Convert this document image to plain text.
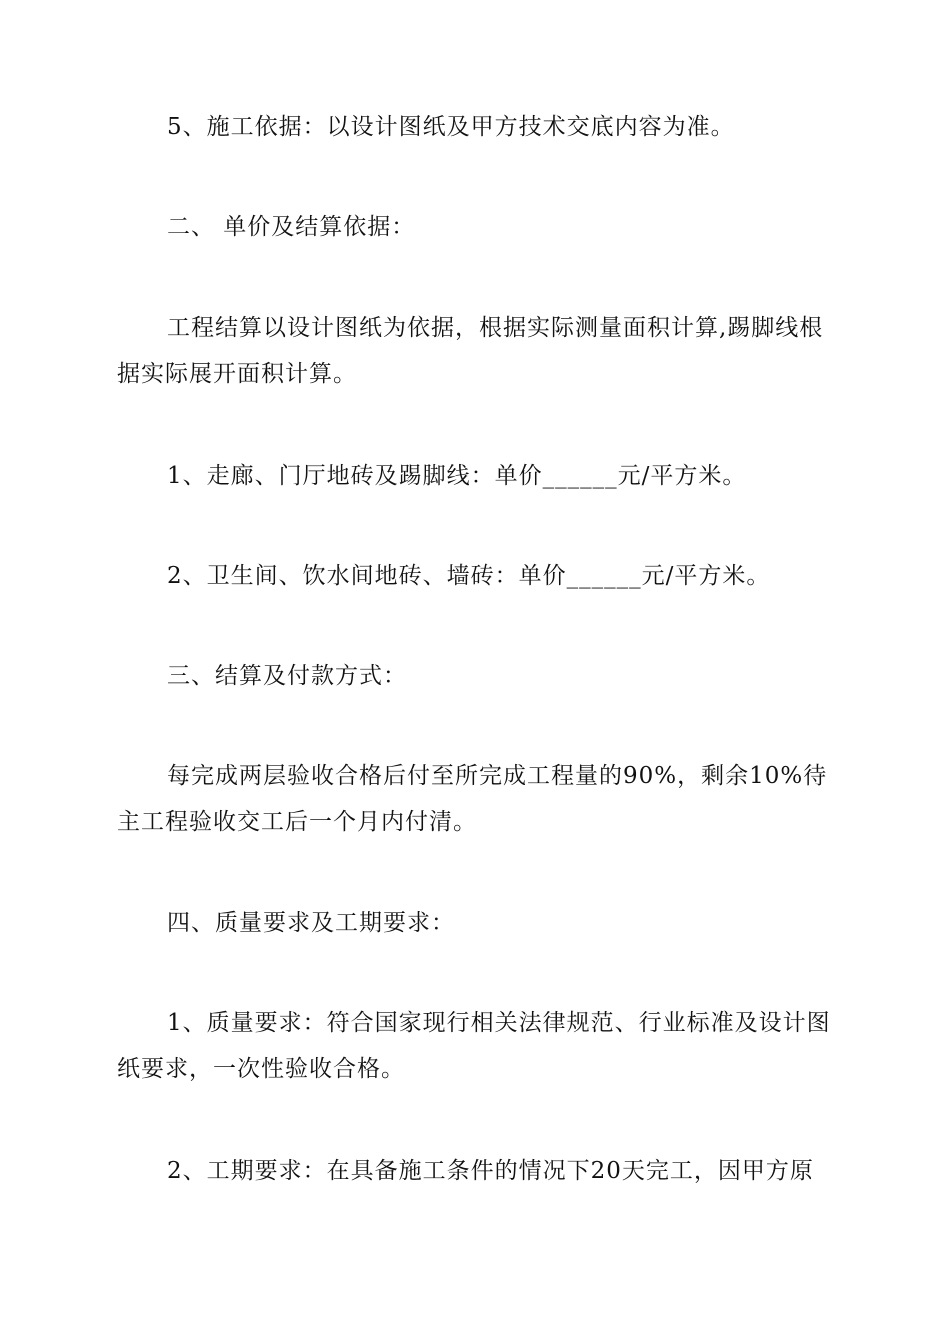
5、施工依据：以设计图纸及甲方技术交底内容为准。

二、 单价及结算依据：

工程结算以设计图纸为依据，根据实际测量面积计算,踢脚线根据实际展开面积计算。

1、走廊、门厅地砖及踢脚线：单价______元/平方米。

2、卫生间、饮水间地砖、墙砖：单价______元/平方米。

三、结算及付款方式：

每完成两层验收合格后付至所完成工程量的90%，剩余10%待主工程验收交工后一个月内付清。

四、质量要求及工期要求：

1、质量要求：符合国家现行相关法律规范、行业标准及设计图纸要求，一次性验收合格。

2、工期要求：在具备施工条件的情况下20天完工，因甲方原
